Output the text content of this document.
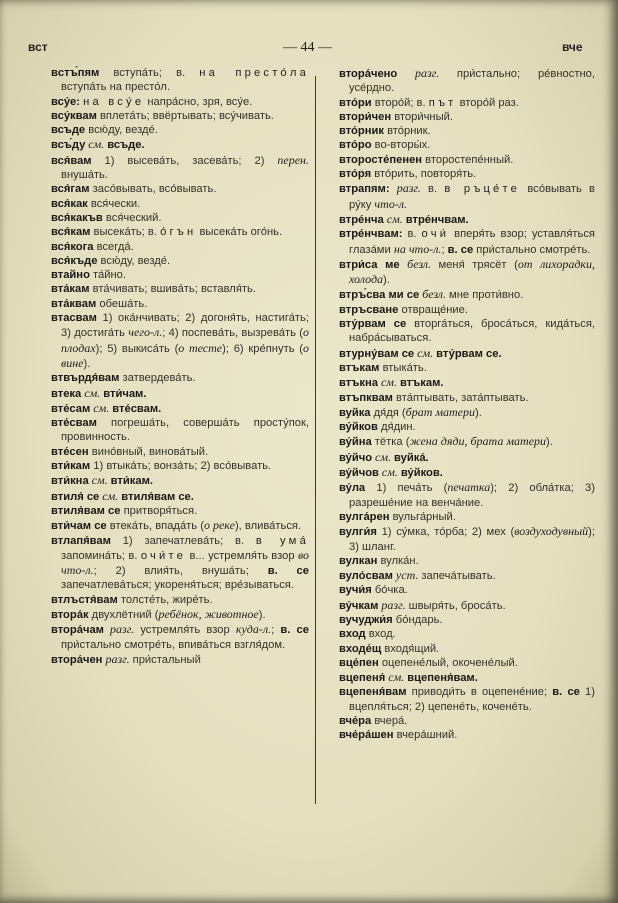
вст	— 44 —	вче
вcтъ́пям вступа́ть; в. на престо́ла вступа́ть на престо́л.
всу́е: на всу́е напра́сно, зря, всу́е.
всу́квам вплета́ть; ввёртывать; всу́чивать.
всъде всю́ду, везде́.
всъ́ду см. всъде.
вся́вам 1) высева́ть, засева́ть; 2) перен. внуша́ть.
вся́гам засо́вывать, всо́вывать.
вся́как вся́чески.
вся́какъв вся́ческий.
вся́кам высека́ть; в. о́гън высека́ть ого́нь.
вся́кога всегда́.
вся́къде всю́ду, везде́.
втайно та́йно.
вта́кам вта́чивать; вшива́ть; вставля́ть.
вта́квам обеша́ть.
втасвам 1) ока́нчивать; 2) догоня́ть, настига́ть; 3) достига́ть чего-л.; 4) поспева́ть, вызрева́ть (о плодах); 5) выкиса́ть (о тесте); 6) кре́пнуть (о вине).
втвърдя́вам затвердева́ть.
втека см. вти́чам.
вте́сам см. вте́свам.
вте́свам погреша́ть, соверша́ть просту́пок, провинность.
вте́сен вино́вный, винова́тый.
вти́кам 1) втыка́ть; вонза́ть; 2) всо́вывать.
вти́кна см. вти́кам.
втиля́ се см. втиля́вам се.
втиля́вам се притворя́ться.
вти́чам се втека́ть, впада́ть (о реке), влива́ться.
втлапя́вам 1) запечатлева́ть; в. в ума́ запомина́ть; в. очи́те в... устремля́ть взор во что-л.; 2) влия́ть, внуша́ть; в. се запечатлева́ться; укореня́ться; вре́зываться.
втлъстя́вам толсте́ть, жире́ть.
втора́к двухлётний (ребёнок, животное).
втора́чам разг. устремля́ть взор куда-л.; в. се при́стально смотре́ть, впива́ться взгля́дом.
втора́чен разг. при́стальный
втора́чено разг. при́стально; ре́вностно, усе́рдно.
вто́ри второ́й; в. път второ́й раз.
втори́чен втори́чный.
вто́рник вто́рник.
вто́ро во-вторы́х.
второсте́пенен второстепе́нный.
вто́ря вто́рить, повторя́ть.
втрапям: разг. в. в ръце́те всо́вывать в ру́ку что-л.
втре́нча см. втре́нчвам.
втре́нчвам: в. очи́ вперя́ть взор; уставля́ться глаза́ми на что-л.; в. се при́стально смотре́ть.
втри́са ме безл. меня́ трясёт (от лихорадки, холода).
втръ́сва ми се безл. мне проти́вно.
втръсване отвраще́ние.
вту́рвам се вторга́ться, броса́ться, кида́ться, набра́сываться.
втурну́вам се см. вту́рвам се.
втъкам втыка́ть.
втъкна см. втъкам.
втъпквам вта́птывать, зата́птывать.
вуйка дя́дя (брат матери).
ву́йков дя́дин.
ву́йна тётка (жена дяди, брата матери).
ву́йчо см. вуйка́.
ву́йчов см. ву́йков.
ву́ла 1) печа́ть (печатка); 2) обла́тка; 3) разреше́ние на венча́ние.
вулга́рен вульга́рный.
вулги́я 1) су́мка, то́рба; 2) мех (воздуходувный); 3) шланг.
вулкан вулка́н.
вуло́свам уст. запеча́тывать.
вучи́я бо́чка.
ву́чкам разг. швыря́ть, броса́ть.
вучуджи́я бо́ндарь.
вход вход.
входе́щ входя́щий.
вце́пен оцепене́лый, окочене́лый.
вцепеня́ см. вцепеня́вам.
вцепеня́вам приводи́ть в оцепене́ние; в. се 1) вцепля́ться; 2) цепене́ть, кочене́ть.
вче́ра вчера́.
вче́ра́шен вчера́шний.
